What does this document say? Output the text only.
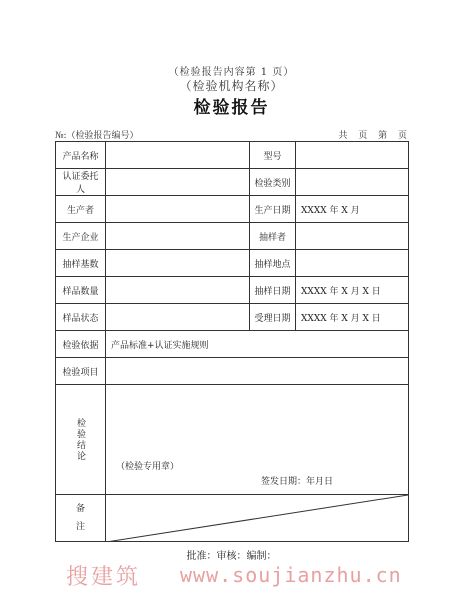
（检验报告内容第 1 页）
（检验机构名称）
检验报告
№:（检验报告编号）	共 页 第 页
产品名称		型号	
认证委托人		检验类别	
生产者		生产日期	XXXX 年 X 月
生产企业		抽样者	
抽样基数		抽样地点	
样品数量		抽样日期	XXXX 年 X 月 X 日
样品状态		受理日期	XXXX 年 X 月 X 日
检验依据	产品标准+认证实施规则		
检验项目			

检验结论	（检验专用章）
签发日期：年月日		

备

注	
批准：审核：编制：
搜建筑 www.soujianzhu.cn
